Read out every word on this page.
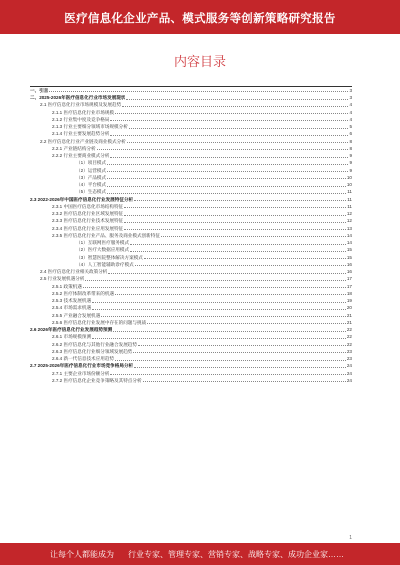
医疗信息化企业产品、模式服务等创新策略研究报告
内容目录
一、引言	3
二、2025-2026年医疗信息化行业市场发展现状	3
2.1 医疗信息化行业市场规模及发展趋势	4
2.1.1 医疗信息化行业市场规模	4
2.1.2 行业集中度及竞争格局	4
2.1.3 行业主要细分领域市场规模分析	5
2.1.4 行业主要发展趋势分析	6
2.2 医疗信息化行业产业链及商业模式分析	8
2.2.1 产业链结构分析	8
2.2.2 行业主要商业模式分析	9
（1）项目模式	9
（2）运营模式	9
（3）产品模式	10
（4）平台模式	10
（5）生态模式	11
2.3 2022-2026年中国医疗信息化行业发展特征分析	11
2.3.1 中国医疗信息化市场结构特征	11
2.3.2 医疗信息化行业区域发展特征	12
2.3.3 医疗信息化行业技术发展特征	12
2.3.4 医疗信息化行业应用发展特征	13
2.3.5 医疗信息化行业产品、服务及商业模式创新特征	14
（1）互联网医疗服务模式	14
（2）医疗大数据应用模式	15
（3）智慧医院整体解决方案模式	15
（4）人工智能辅助诊疗模式	16
2.4 医疗信息化行业相关政策分析	16
2.5 行业发展机遇分析	17
2.5.1 政策机遇	17
2.5.2 医疗体制改革带来的机遇	18
2.5.3 技术发展机遇	19
2.5.4 市场需求机遇	20
2.5.5 产业融合发展机遇	21
2.5.6 医疗信息化行业发展中存在的问题与挑战	21
2.6 2026年医疗信息化行业发展趋势预测	22
2.6.1 市场规模预测	22
2.6.2 医疗信息化与其他行业融合发展趋势	22
2.6.3 医疗信息化行业细分领域发展趋势	23
2.6.4 新一代信息技术应用趋势	23
2.7 2025-2026年医疗信息化行业市场竞争格局分析	24
2.7.1 主要企业市场份额分析	24
2.7.2 医疗信息化企业竞争策略及其特点分析	24
1
让每个人都能成为 行业专家、管理专家、营销专家、战略专家、成功企业家……
